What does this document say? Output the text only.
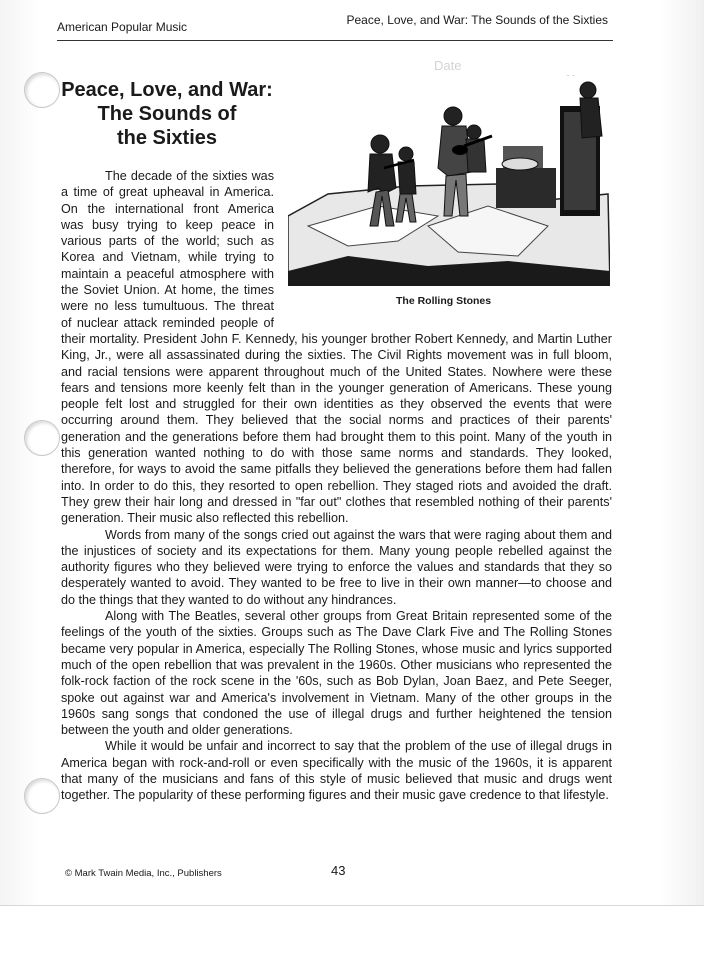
Date
American Popular Music	Peace, Love, and War: The Sounds of the Sixties
Peace, Love, and War:
The Sounds of
the Sixties
The Rolling Stones

The decade of the sixties was a time of great upheaval in America. On the international front America was busy trying to keep peace in various parts of the world; such as Korea and Vietnam, while trying to maintain a peaceful atmosphere with the Soviet Union. At home, the times were no less tumultuous. The threat of nuclear attack reminded people of their mortality. President John F. Kennedy, his younger brother Robert Kennedy, and Martin Luther King, Jr., were all assassinated during the sixties. The Civil Rights movement was in full bloom, and racial tensions were apparent throughout much of the United States. Nowhere were these fears and tensions more keenly felt than in the younger generation of Americans. These young people felt lost and struggled for their own identities as they observed the events that were occurring around them. They believed that the social norms and practices of their parents' generation and the generations before them had brought them to this point. Many of the youth in this generation wanted nothing to do with those same norms and standards. They looked, therefore, for ways to avoid the same pitfalls they believed the generations before them had fallen into. In order to do this, they resorted to open rebellion. They staged riots and avoided the draft. They grew their hair long and dressed in "far out" clothes that resembled nothing of their parents' generation. Their music also reflected this rebellion.

Words from many of the songs cried out against the wars that were raging about them and the injustices of society and its expectations for them. Many young people rebelled against the authority figures who they believed were trying to enforce the values and standards that they so desperately wanted to avoid. They wanted to be free to live in their own manner—to choose and do the things that they wanted to do without any hindrances.

Along with The Beatles, several other groups from Great Britain represented some of the feelings of the youth of the sixties. Groups such as The Dave Clark Five and The Rolling Stones became very popular in America, especially The Rolling Stones, whose music and lyrics supported much of the open rebellion that was prevalent in the 1960s. Other musicians who represented the folk-rock faction of the rock scene in the '60s, such as Bob Dylan, Joan Baez, and Pete Seeger, spoke out against war and America's involvement in Vietnam. Many of the other groups in the 1960s sang songs that condoned the use of illegal drugs and further heightened the tension between the youth and older generations.

While it would be unfair and incorrect to say that the problem of the use of illegal drugs in America began with rock-and-roll or even specifically with the music of the 1960s, it is apparent that many of the musicians and fans of this style of music believed that music and drugs went together. The popularity of these performing figures and their music gave credence to that lifestyle.

© Mark Twain Media, Inc., Publishers	43
